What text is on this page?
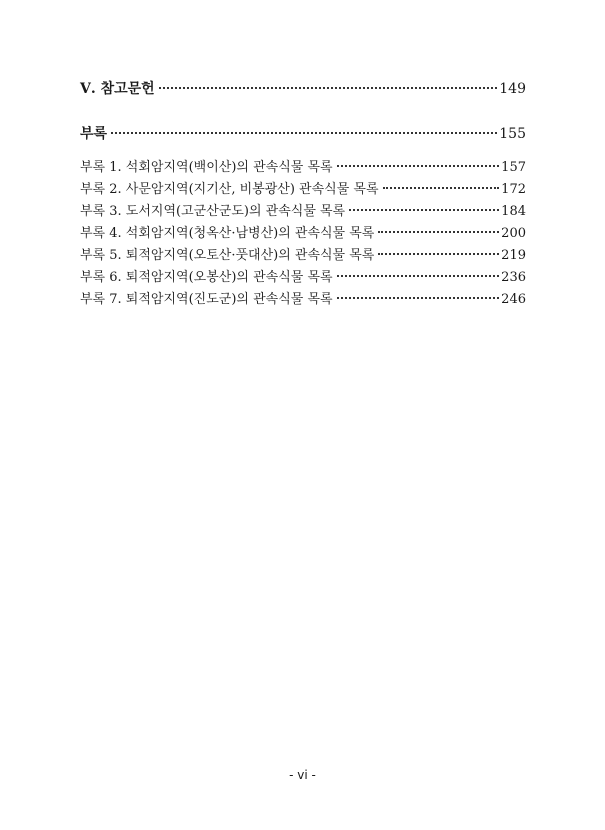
Ⅴ. 참고문헌	149
부록	155
부록 1. 석회암지역(백이산)의 관속식물 목록	157
부록 2. 사문암지역(지기산, 비봉광산) 관속식물 목록	172
부록 3. 도서지역(고군산군도)의 관속식물 목록	184
부록 4. 석회암지역(청옥산·남병산)의 관속식물 목록	200
부록 5. 퇴적암지역(오토산·풋대산)의 관속식물 목록	219
부록 6. 퇴적암지역(오봉산)의 관속식물 목록	236
부록 7. 퇴적암지역(진도군)의 관속식물 목록	246
- vi -
